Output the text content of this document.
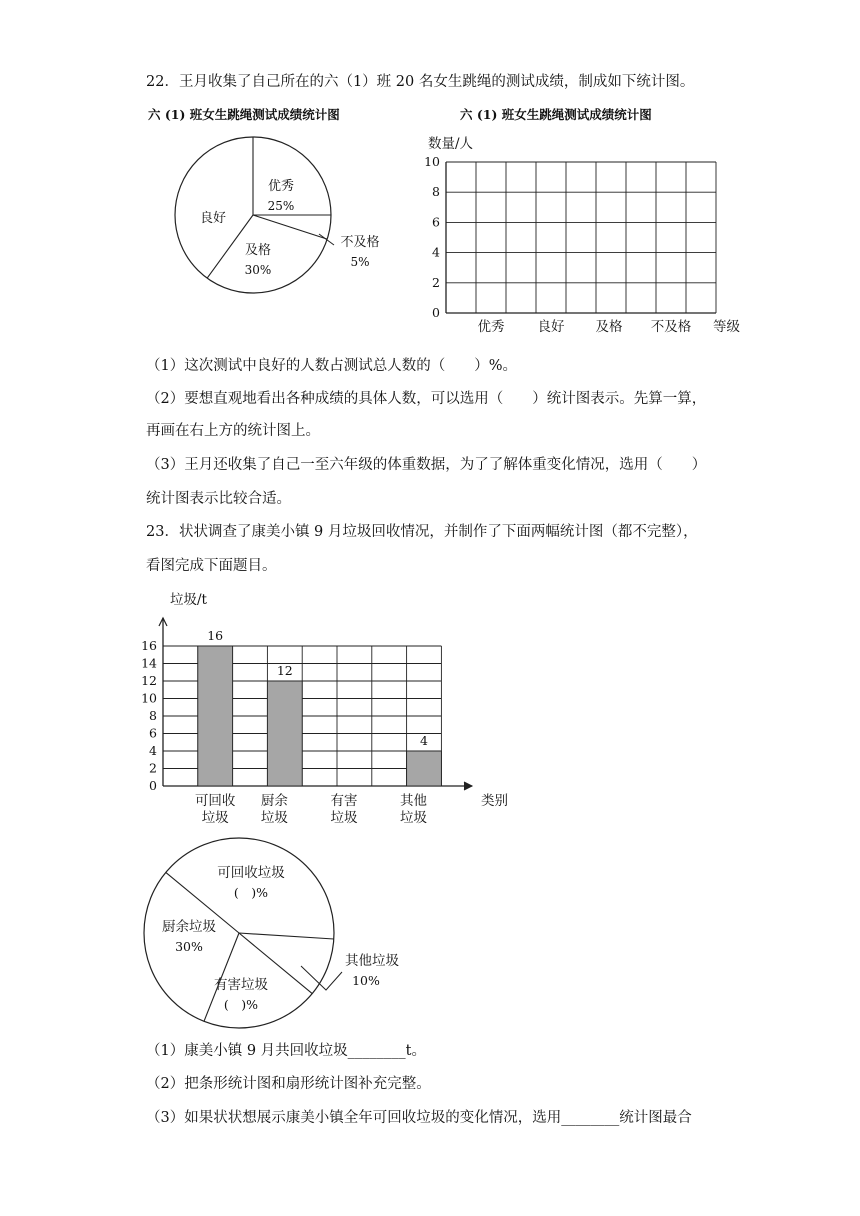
22．王月收集了自己所在的六（1）班 20 名女生跳绳的测试成绩，制成如下统计图。
六 (1) 班女生跳绳测试成绩统计图	六 (1) 班女生跳绳测试成绩统计图
优秀
25%
不及格
5%
及格
30%
良好
0
2
4
6
8
10
数量/人
等级
优秀 良好 及格 不及格
0
2
4
6
8
10
12
14
16
垃圾/t
类别
可回收
垃圾
厨余
垃圾
有害
垃圾
其他
垃圾
16
12
4
可回收垃圾
(　)%
其他垃圾
10%
有害垃圾
(　)%
厨余垃圾
30%
（1）这次测试中良好的人数占测试总人数的（　　）%。
（2）要想直观地看出各种成绩的具体人数，可以选用（　　）统计图表示。先算一算，
再画在右上方的统计图上。
（3）王月还收集了自己一至六年级的体重数据，为了了解体重变化情况，选用（　　）
统计图表示比较合适。
23．状状调查了康美小镇 9 月垃圾回收情况，并制作了下面两幅统计图（都不完整），
看图完成下面题目。
（1）康美小镇 9 月共回收垃圾________t。
（2）把条形统计图和扇形统计图补充完整。
（3）如果状状想展示康美小镇全年可回收垃圾的变化情况，选用________统计图最合
